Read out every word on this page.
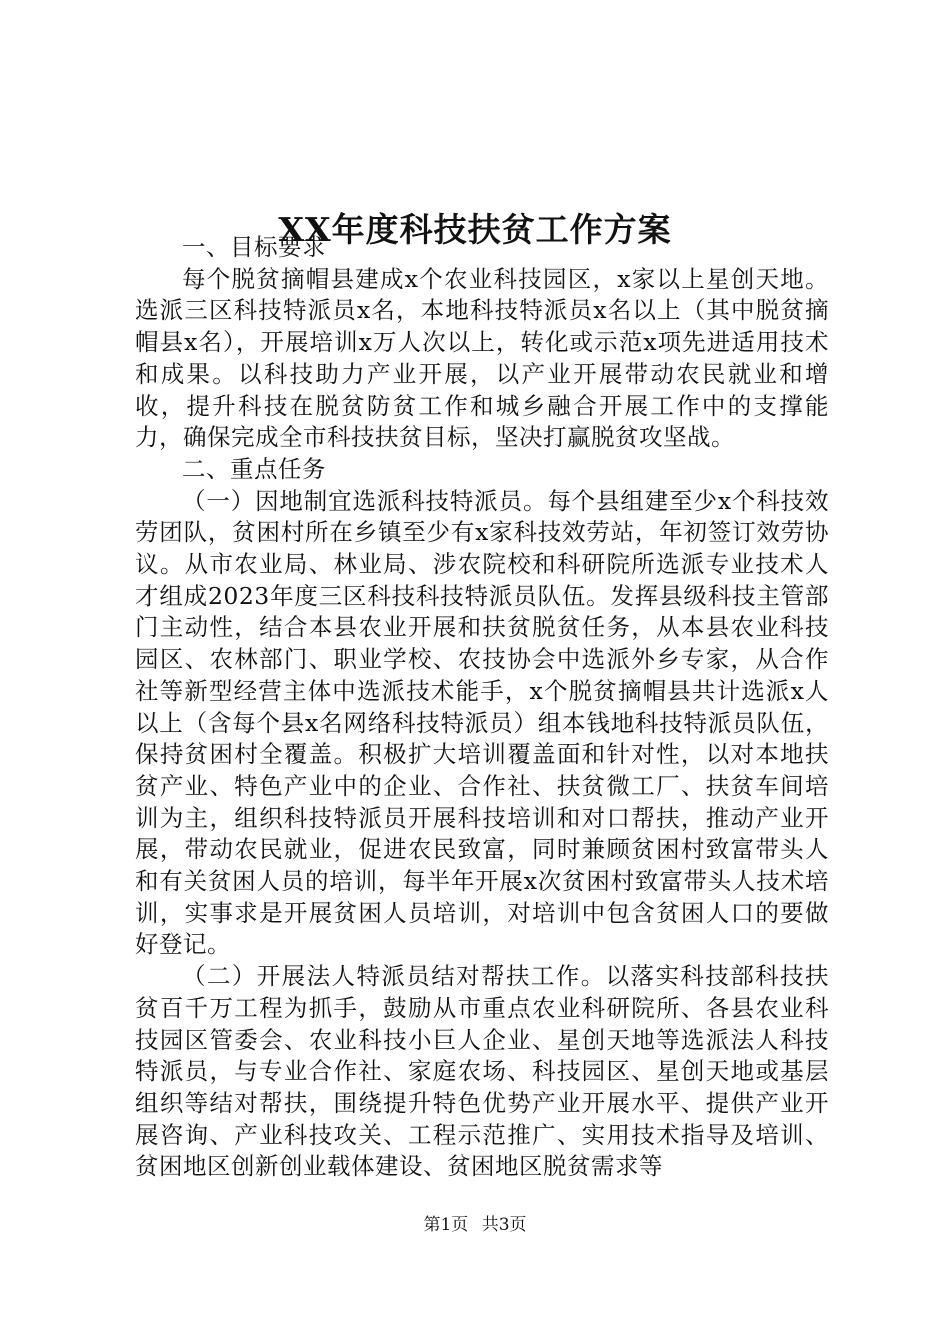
XX年度科技扶贫工作方案

一、目标要求

每个脱贫摘帽县建成x个农业科技园区，x家以上星创天地。选派三区科技特派员x名，本地科技特派员x名以上（其中脱贫摘帽县x名），开展培训x万人次以上，转化或示范x项先进适用技术和成果。以科技助力产业开展，以产业开展带动农民就业和增收，提升科技在脱贫防贫工作和城乡融合开展工作中的支撑能力，确保完成全市科技扶贫目标，坚决打赢脱贫攻坚战。

二、重点任务

（一）因地制宜选派科技特派员。每个县组建至少x个科技效劳团队，贫困村所在乡镇至少有x家科技效劳站，年初签订效劳协议。从市农业局、林业局、涉农院校和科研院所选派专业技术人才组成2023年度三区科技科技特派员队伍。发挥县级科技主管部门主动性，结合本县农业开展和扶贫脱贫任务，从本县农业科技园区、农林部门、职业学校、农技协会中选派外乡专家，从合作社等新型经营主体中选派技术能手，x个脱贫摘帽县共计选派x人以上（含每个县x名网络科技特派员）组本钱地科技特派员队伍，保持贫困村全覆盖。积极扩大培训覆盖面和针对性，以对本地扶贫产业、特色产业中的企业、合作社、扶贫微工厂、扶贫车间培训为主，组织科技特派员开展科技培训和对口帮扶，推动产业开展，带动农民就业，促进农民致富，同时兼顾贫困村致富带头人和有关贫困人员的培训，每半年开展x次贫困村致富带头人技术培训，实事求是开展贫困人员培训，对培训中包含贫困人口的要做好登记。

（二）开展法人特派员结对帮扶工作。以落实科技部科技扶贫百千万工程为抓手，鼓励从市重点农业科研院所、各县农业科技园区管委会、农业科技小巨人企业、星创天地等选派法人科技特派员，与专业合作社、家庭农场、科技园区、星创天地或基层组织等结对帮扶，围绕提升特色优势产业开展水平、提供产业开展咨询、产业科技攻关、工程示范推广、实用技术指导及培训、贫困地区创新创业载体建设、贫困地区脱贫需求等

第1页 共3页
